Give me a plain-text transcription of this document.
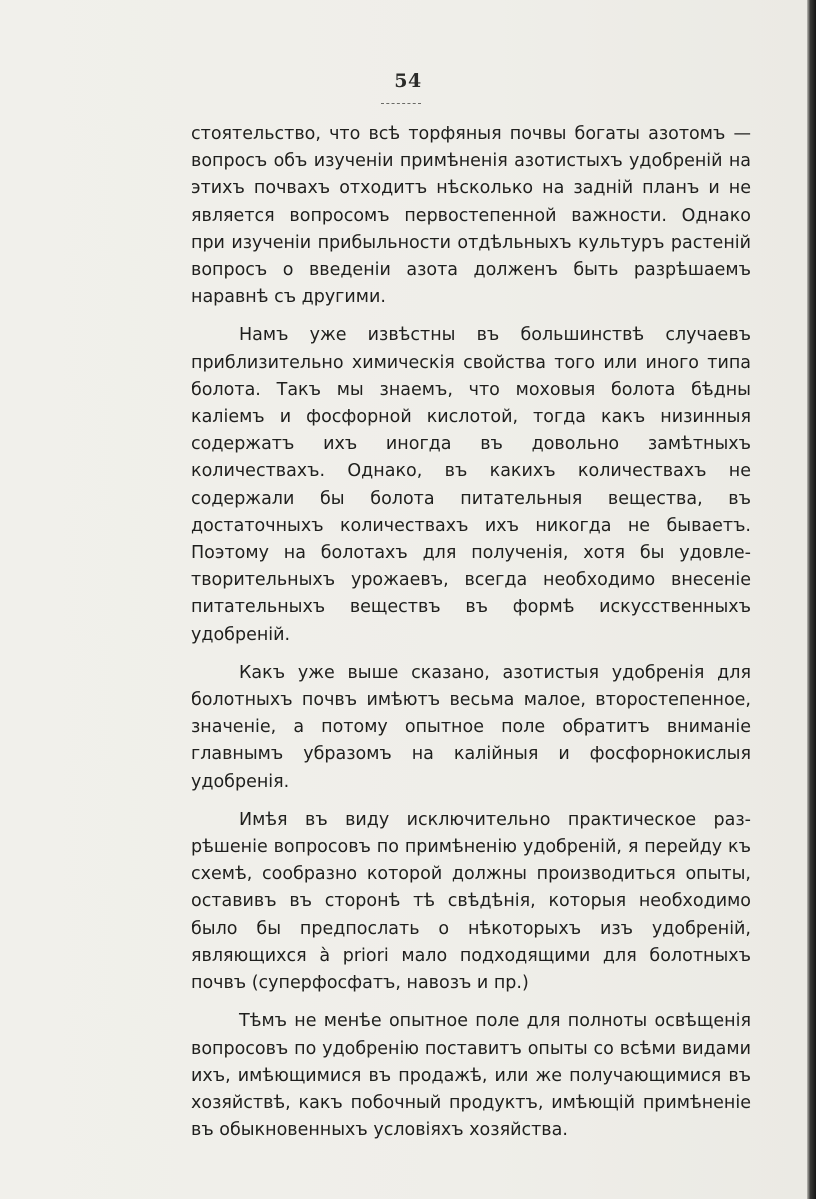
54

стоятельство, что всѣ торфяныя почвы богаты азотомъ — вопросъ объ изученiи примѣненія азотистыхъ удобренiй на этихъ почвахъ отходитъ нѣсколько на заднiй планъ и не является вопросомъ первостепенной важности. Однако при изученiи прибыльности отдѣльныхъ культуръ растенiй вопросъ о введенiи азота долженъ быть разрѣшаемъ наравнѣ съ другими.

Намъ уже извѣстны въ большинствѣ случаевъ приблизительно химическія свойства того или иного типа болота. Такъ мы знаемъ, что моховыя болота бѣдны калiемъ и фосфорной кислотой, тогда какъ низинныя содержатъ ихъ иногда въ довольно замѣтныхъ количествахъ. Однако, въ какихъ количествахъ не содержали бы болота питательныя вещества, въ достаточныхъ количествахъ ихъ никогда не бываетъ. Поэтому на болотахъ для полученія, хотя бы удовлетворительныхъ урожаевъ, всегда необходимо внесенiе питательныхъ веществъ въ формѣ искусственныхъ удобренiй.

Какъ уже выше сказано, азотистыя удобренія для болотныхъ почвъ имѣютъ весьма малое, второстепенное, значенiе, а потому опытное поле обратитъ вниманiе главнымъ убразомъ на калiйныя и фосфорнокислыя удобренія.

Имѣя въ виду исключительно практическое разрѣшенiе вопросовъ по примѣненiю удобренiй, я перейду къ схемѣ, сообразно которой должны производиться опыты, оставивъ въ сторонѣ тѣ свѣдѣнія, которыя необходимо было бы предпослать о нѣкоторыхъ изъ удобренiй, являющихся à priori мало подходящими для болотныхъ почвъ (суперфосфатъ, навозъ и пр.)

Тѣмъ не менѣе опытное поле для полноты освѣщенія вопросовъ по удобренiю поставитъ опыты со всѣми видами ихъ, имѣющимися въ продажѣ, или же получающимися въ хозяйствѣ, какъ побочный продуктъ, имѣющiй примѣненiе въ обыкновенныхъ условiяхъ хозяйства.
